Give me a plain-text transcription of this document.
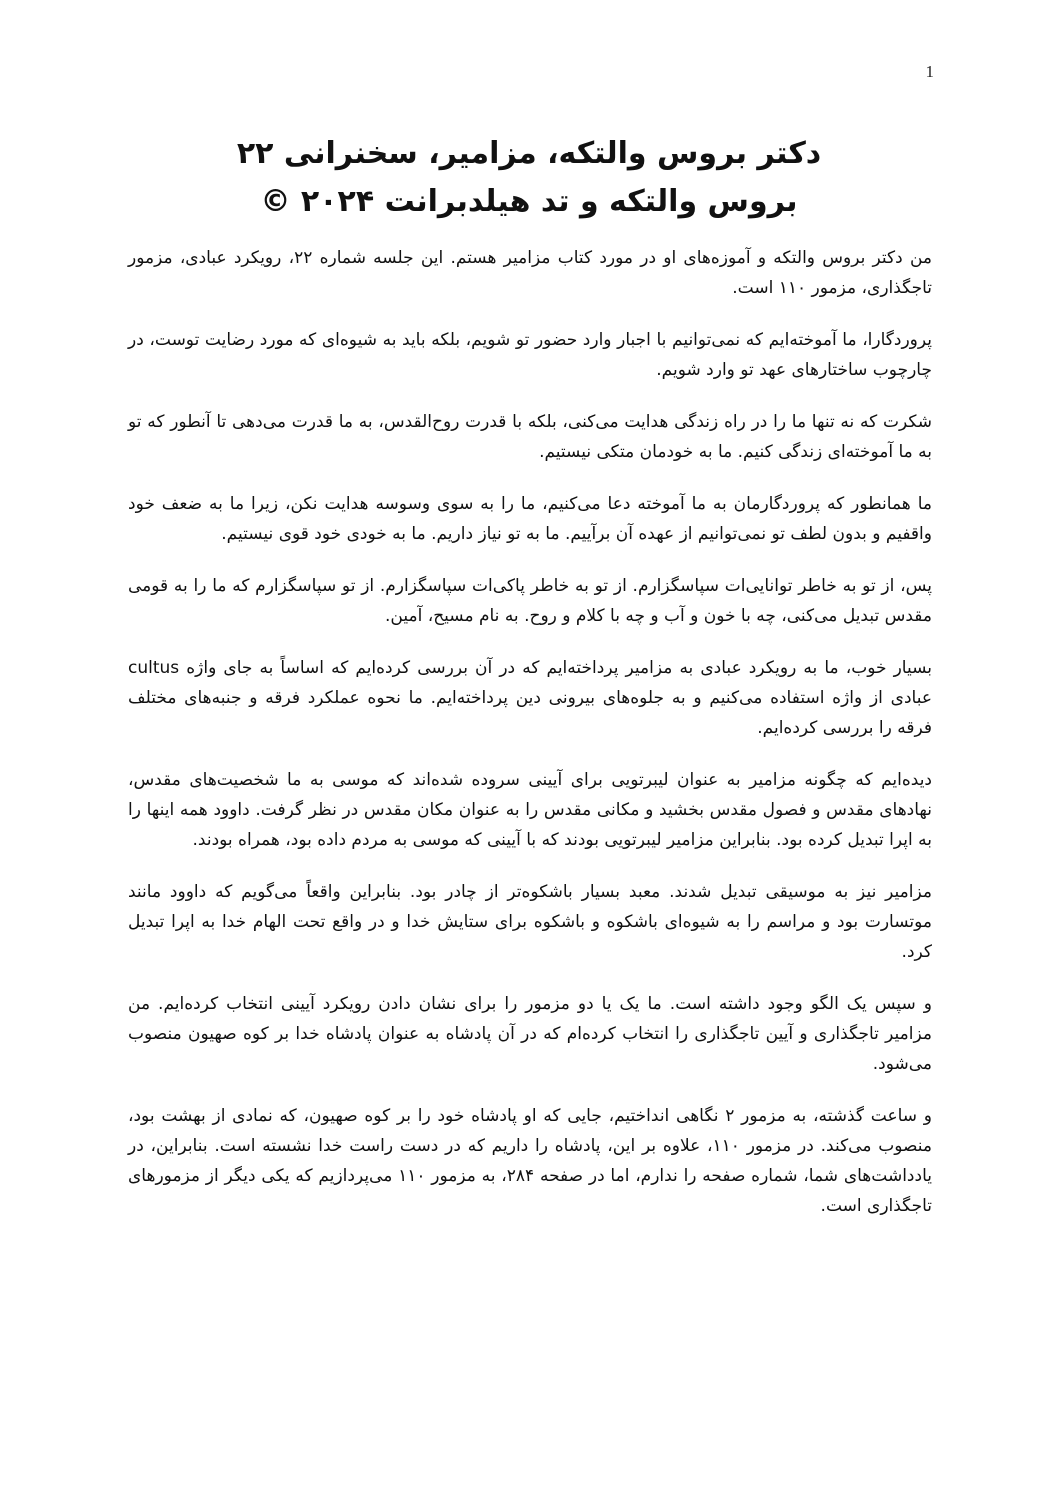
1

دکتر بروس والتکه، مزامیر، سخنرانی ۲۲

بروس والتکه و تد هیلدبرانت ۲۰۲۴ ©

من دکتر بروس والتکه و آموزه‌های او در مورد کتاب مزامیر هستم. این جلسه شماره ۲۲، رویکرد عبادی، مزمور تاجگذاری، مزمور ۱۱۰ است.

پروردگارا، ما آموخته‌ایم که نمی‌توانیم با اجبار وارد حضور تو شویم، بلکه باید به شیوه‌ای که مورد رضایت توست، در چارچوب ساختارهای عهد تو وارد شویم.

شکرت که نه تنها ما را در راه زندگی هدایت می‌کنی، بلکه با قدرت روح‌القدس، به ما قدرت می‌دهی تا آنطور که تو به ما آموخته‌ای زندگی کنیم. ما به خودمان متکی نیستیم.

ما همانطور که پروردگارمان به ما آموخته دعا می‌کنیم، ما را به سوی وسوسه هدایت نکن، زیرا ما به ضعف خود واقفیم و بدون لطف تو نمی‌توانیم از عهده آن برآییم. ما به تو نیاز داریم. ما به خودی خود قوی نیستیم.

پس، از تو به خاطر توانایی‌ات سپاسگزارم. از تو به خاطر پاکی‌ات سپاسگزارم. از تو سپاسگزارم که ما را به قومی مقدس تبدیل می‌کنی، چه با خون و آب و چه با کلام و روح. به نام مسیح، آمین.

بسیار خوب، ما به رویکرد عبادی به مزامیر پرداخته‌ایم که در آن بررسی کرده‌ایم که اساساً به جای واژه cultus عبادی از واژه استفاده می‌کنیم و به جلوه‌های بیرونی دین پرداخته‌ایم. ما نحوه عملکرد فرقه و جنبه‌های مختلف فرقه را بررسی کرده‌ایم.

دیده‌ایم که چگونه مزامیر به عنوان لیبرتویی برای آیینی سروده شده‌اند که موسی به ما شخصیت‌های مقدس، نهادهای مقدس و فصول مقدس بخشید و مکانی مقدس را به عنوان مکان مقدس در نظر گرفت. داوود همه اینها را به اپرا تبدیل کرده بود. بنابراین مزامیر لیبرتویی بودند که با آیینی که موسی به مردم داده بود، همراه بودند.

مزامیر نیز به موسیقی تبدیل شدند. معبد بسیار باشکوه‌تر از چادر بود. بنابراین واقعاً می‌گویم که داوود مانند موتسارت بود و مراسم را به شیوه‌ای باشکوه و باشکوه برای ستایش خدا و در واقع تحت الهام خدا به اپرا تبدیل کرد.

و سپس یک الگو وجود داشته است. ما یک یا دو مزمور را برای نشان دادن رویکرد آیینی انتخاب کرده‌ایم. من مزامیر تاجگذاری و آیین تاجگذاری را انتخاب کرده‌ام که در آن پادشاه به عنوان پادشاه خدا بر کوه صهیون منصوب می‌شود.

و ساعت گذشته، به مزمور ۲ نگاهی انداختیم، جایی که او پادشاه خود را بر کوه صهیون، که نمادی از بهشت بود، منصوب می‌کند. در مزمور ۱۱۰، علاوه بر این، پادشاه را داریم که در دست راست خدا نشسته است. بنابراین، در یادداشت‌های شما، شماره صفحه را ندارم، اما در صفحه ۲۸۴، به مزمور ۱۱۰ می‌پردازیم که یکی دیگر از مزمورهای تاجگذاری است.
